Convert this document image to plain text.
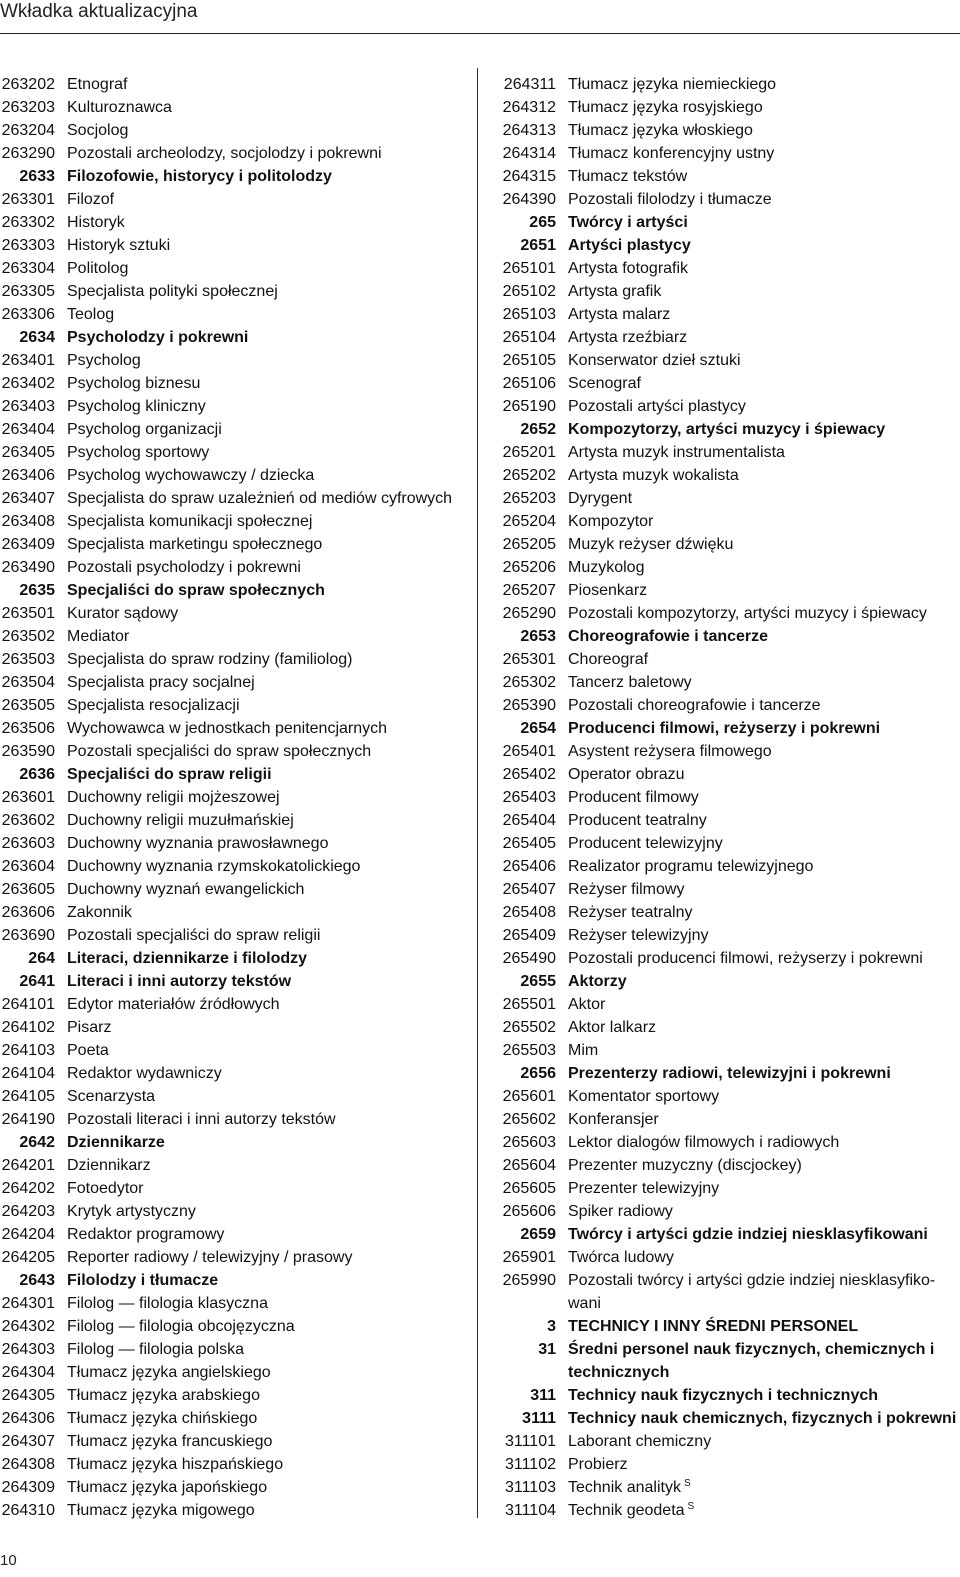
Wkładka aktualizacyjna
263202 Etnograf
263203 Kulturoznawca
263204 Socjolog
263290 Pozostali archeolodzy, socjolodzy i pokrewni
2633 Filozofowie, historycy i politolodzy
263301 Filozof
263302 Historyk
263303 Historyk sztuki
263304 Politolog
263305 Specjalista polityki społecznej
263306 Teolog
2634 Psycholodzy i pokrewni
263401 Psycholog
263402 Psycholog biznesu
263403 Psycholog kliniczny
263404 Psycholog organizacji
263405 Psycholog sportowy
263406 Psycholog wychowawczy / dziecka
263407 Specjalista do spraw uzależnień od mediów cyfrowych
263408 Specjalista komunikacji społecznej
263409 Specjalista marketingu społecznego
263490 Pozostali psycholodzy i pokrewni
2635 Specjaliści do spraw społecznych
263501 Kurator sądowy
263502 Mediator
263503 Specjalista do spraw rodziny (familiolog)
263504 Specjalista pracy socjalnej
263505 Specjalista resocjalizacji
263506 Wychowawca w jednostkach penitencjarnych
263590 Pozostali specjaliści do spraw społecznych
2636 Specjaliści do spraw religii
263601 Duchowny religii mojżeszowej
263602 Duchowny religii muzułmańskiej
263603 Duchowny wyznania prawosławnego
263604 Duchowny wyznania rzymskokatolickiego
263605 Duchowny wyznań ewangelickich
263606 Zakonnik
263690 Pozostali specjaliści do spraw religii
264 Literaci, dziennikarze i filolodzy
2641 Literaci i inni autorzy tekstów
264101 Edytor materiałów źródłowych
264102 Pisarz
264103 Poeta
264104 Redaktor wydawniczy
264105 Scenarzysta
264190 Pozostali literaci i inni autorzy tekstów
2642 Dziennikarze
264201 Dziennikarz
264202 Fotoedytor
264203 Krytyk artystyczny
264204 Redaktor programowy
264205 Reporter radiowy / telewizyjny / prasowy
2643 Filolodzy i tłumacze
264301 Filolog — filologia klasyczna
264302 Filolog — filologia obcojęzyczna
264303 Filolog — filologia polska
264304 Tłumacz języka angielskiego
264305 Tłumacz języka arabskiego
264306 Tłumacz języka chińskiego
264307 Tłumacz języka francuskiego
264308 Tłumacz języka hiszpańskiego
264309 Tłumacz języka japońskiego
264310 Tłumacz języka migowego
264311 Tłumacz języka niemieckiego
264312 Tłumacz języka rosyjskiego
264313 Tłumacz języka włoskiego
264314 Tłumacz konferencyjny ustny
264315 Tłumacz tekstów
264390 Pozostali filolodzy i tłumacze
265 Twórcy i artyści
2651 Artyści plastycy
265101 Artysta fotografik
265102 Artysta grafik
265103 Artysta malarz
265104 Artysta rzeźbiarz
265105 Konserwator dzieł sztuki
265106 Scenograf
265190 Pozostali artyści plastycy
2652 Kompozytorzy, artyści muzycy i śpiewacy
265201 Artysta muzyk instrumentalista
265202 Artysta muzyk wokalista
265203 Dyrygent
265204 Kompozytor
265205 Muzyk reżyser dźwięku
265206 Muzykolog
265207 Piosenkarz
265290 Pozostali kompozytorzy, artyści muzycy i śpiewacy
2653 Choreografowie i tancerze
265301 Choreograf
265302 Tancerz baletowy
265390 Pozostali choreografowie i tancerze
2654 Producenci filmowi, reżyserzy i pokrewni
265401 Asystent reżysera filmowego
265402 Operator obrazu
265403 Producent filmowy
265404 Producent teatralny
265405 Producent telewizyjny
265406 Realizator programu telewizyjnego
265407 Reżyser filmowy
265408 Reżyser teatralny
265409 Reżyser telewizyjny
265490 Pozostali producenci filmowi, reżyserzy i pokrewni
2655 Aktorzy
265501 Aktor
265502 Aktor lalkarz
265503 Mim
2656 Prezenterzy radiowi, telewizyjni i pokrewni
265601 Komentator sportowy
265602 Konferansjer
265603 Lektor dialogów filmowych i radiowych
265604 Prezenter muzyczny (discjockey)
265605 Prezenter telewizyjny
265606 Spiker radiowy
2659 Twórcy i artyści gdzie indziej niesklasyfikowani
265901 Twórca ludowy
265990 Pozostali twórcy i artyści gdzie indziej niesklasyfikowani
3 TECHNICY I INNY ŚREDNI PERSONEL
31 Średni personel nauk fizycznych, chemicznych i technicznych
311 Technicy nauk fizycznych i technicznych
3111 Technicy nauk chemicznych, fizycznych i pokrewni
311101 Laborant chemiczny
311102 Probierz
311103 Technik analityk $^S$
311104 Technik geodeta $^S$
10
